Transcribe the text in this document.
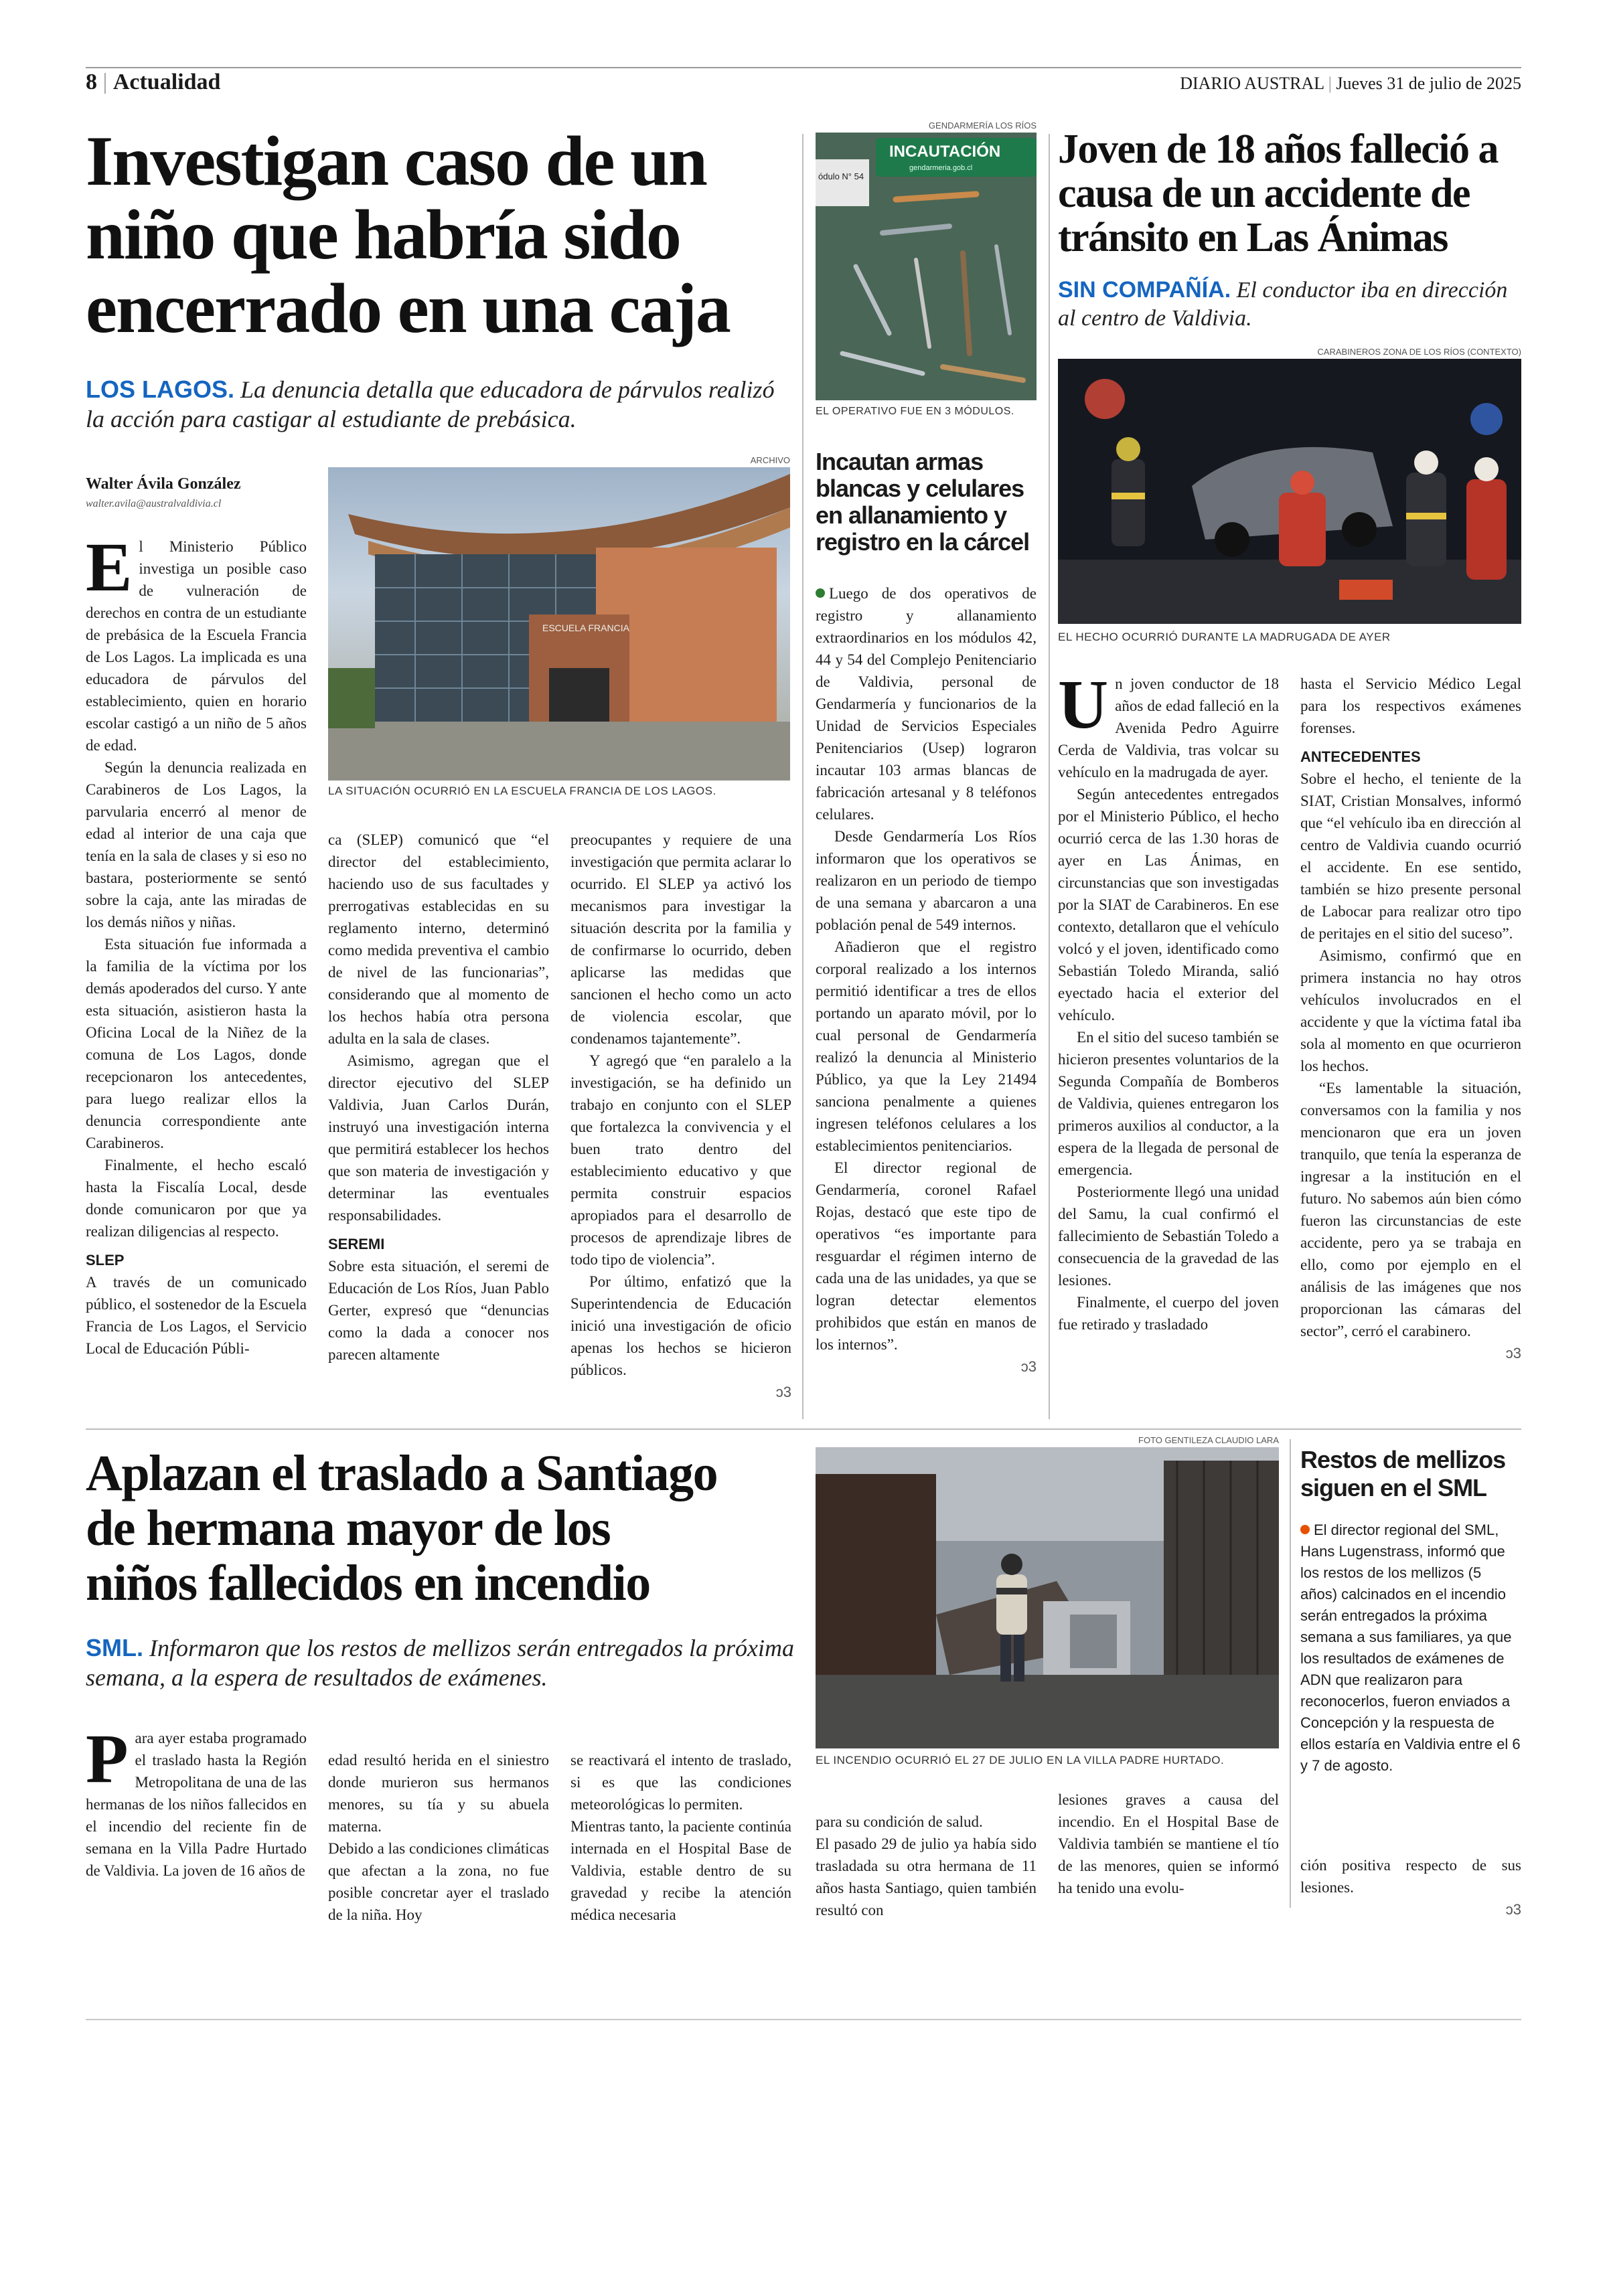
8 | Actualidad	DIARIO AUSTRAL | Jueves 31 de julio de 2025
Investigan caso de un
niño que habría sido
encerrado en una caja
LOS LAGOS. La denuncia detalla que educadora de párvulos realizó la acción para castigar al estudiante de prebásica.
Walter Ávila González
walter.avila@australvaldivia.cl
ARCHIVO
ESCUELA FRANCIA
LA SITUACIÓN OCURRIÓ EN LA ESCUELA FRANCIA DE LOS LAGOS.

El Ministerio Público investiga un posible caso de vulneración de derechos en contra de un estudiante de prebásica de la Escuela Francia de Los Lagos. La implicada es una educadora de párvulos del establecimiento, quien en horario escolar castigó a un niño de 5 años de edad.

Según la denuncia realizada en Carabineros de Los Lagos, la parvularia encerró al menor de edad al interior de una caja que tenía en la sala de clases y si eso no bastara, posteriormente se sentó sobre la caja, ante las miradas de los demás niños y niñas.

Esta situación fue informada a la familia de la víctima por los demás apoderados del curso. Y ante esta situación, asistieron hasta la Oficina Local de la Niñez de la comuna de Los Lagos, donde recepcionaron los antecedentes, para luego realizar ellos la denuncia correspondiente ante Carabineros.

Finalmente, el hecho escaló hasta la Fiscalía Local, desde donde comunicaron por que ya realizan diligencias al respecto.

SLEP

A través de un comunicado público, el sostenedor de la Escuela Francia de Los Lagos, el Servicio Local de Educación Públi-

ca (SLEP) comunicó que “el director del establecimiento, haciendo uso de sus facultades y prerrogativas establecidas en su reglamento interno, determinó como medida preventiva el cambio de nivel de las funcionarias”, considerando que al momento de los hechos había otra persona adulta en la sala de clases.

Asimismo, agregan que el director ejecutivo del SLEP Valdivia, Juan Carlos Durán, instruyó una investigación interna que permitirá establecer los hechos que son materia de investigación y determinar las eventuales responsabilidades.

SEREMI

Sobre esta situación, el seremi de Educación de Los Ríos, Juan Pablo Gerter, expresó que “denuncias como la dada a conocer nos parecen altamente

preocupantes y requiere de una investigación que permita aclarar lo ocurrido. El SLEP ya activó los mecanismos para investigar la situación descrita por la familia y de confirmarse lo ocurrido, deben aplicarse las medidas que sancionen el hecho como un acto de violencia escolar, que condenamos tajantemente”.

Y agregó que “en paralelo a la investigación, se ha definido un trabajo en conjunto con el SLEP que fortalezca la convivencia y el buen trato dentro del establecimiento educativo y que permita construir espacios apropiados para el desarrollo de procesos de aprendizaje libres de todo tipo de violencia”.

Por último, enfatizó que la Superintendencia de Educación inició una investigación de oficio apenas los hechos se hicieron públicos.

ↄ3
GENDARMERÍA LOS RÍOS
INCAUTACIÓN
gendarmeria.gob.cl
ódulo N° 54
EL OPERATIVO FUE EN 3 MÓDULOS.
Incautan armas
blancas y celulares
en allanamiento y
registro en la cárcel

Luego de dos operativos de registro y allanamiento extraordinarios en los módulos 42, 44 y 54 del Complejo Penitenciario de Valdivia, personal de Gendarmería y funcionarios de la Unidad de Servicios Especiales Penitenciarios (Usep) lograron incautar 103 armas blancas de fabricación artesanal y 8 teléfonos celulares.

Desde Gendarmería Los Ríos informaron que los operativos se realizaron en un periodo de tiempo de una semana y abarcaron a una población penal de 549 internos.

Añadieron que el registro corporal realizado a los internos permitió identificar a tres de ellos portando un aparato móvil, por lo cual personal de Gendarmería realizó la denuncia al Ministerio Público, ya que la Ley 21494 sanciona penalmente a quienes ingresen teléfonos celulares a los establecimientos penitenciarios.

El director regional de Gendarmería, coronel Rafael Rojas, destacó que este tipo de operativos “es importante para resguardar el régimen interno de cada una de las unidades, ya que se logran detectar elementos prohibidos que están en manos de los internos”.

ↄ3
Joven de 18 años falleció a
causa de un accidente de
tránsito en Las Ánimas
SIN COMPAÑÍA. El conductor iba en dirección al centro de Valdivia.
CARABINEROS ZONA DE LOS RÍOS (CONTEXTO)
EL HECHO OCURRIÓ DURANTE LA MADRUGADA DE AYER

Un joven conductor de 18 años de edad falleció en la Avenida Pedro Aguirre Cerda de Valdivia, tras volcar su vehículo en la madrugada de ayer.

Según antecedentes entregados por el Ministerio Público, el hecho ocurrió cerca de las 1.30 horas de ayer en Las Ánimas, en circunstancias que son investigadas por la SIAT de Carabineros. En ese contexto, detallaron que el vehículo volcó y el joven, identificado como Sebastián Toledo Miranda, salió eyectado hacia el exterior del vehículo.

En el sitio del suceso también se hicieron presentes voluntarios de la Segunda Compañía de Bomberos de Valdivia, quienes entregaron los primeros auxilios al conductor, a la espera de la llegada de personal de emergencia.

Posteriormente llegó una unidad del Samu, la cual confirmó el fallecimiento de Sebastián Toledo a consecuencia de la gravedad de las lesiones.

Finalmente, el cuerpo del joven fue retirado y trasladado

hasta el Servicio Médico Legal para los respectivos exámenes forenses.

ANTECEDENTES

Sobre el hecho, el teniente de la SIAT, Cristian Monsalves, informó que “el vehículo iba en dirección al centro de Valdivia cuando ocurrió el accidente. En ese sentido, también se hizo presente personal de Labocar para realizar otro tipo de peritajes en el sitio del suceso”.

Asimismo, confirmó que en primera instancia no hay otros vehículos involucrados en el accidente y que la víctima fatal iba sola al momento en que ocurrieron los hechos.

“Es lamentable la situación, conversamos con la familia y nos mencionaron que era un joven tranquilo, que tenía la esperanza de ingresar a la institución en el futuro. No sabemos aún bien cómo fueron las circunstancias de este accidente, pero ya se trabaja en ello, como por ejemplo en el análisis de las imágenes que nos proporcionan las cámaras del sector”, cerró el carabinero.

ↄ3
Aplazan el traslado a Santiago
de hermana mayor de los
niños fallecidos en incendio
SML. Informaron que los restos de mellizos serán entregados la próxima semana, a la espera de resultados de exámenes.
FOTO GENTILEZA CLAUDIO LARA
EL INCENDIO OCURRIÓ EL 27 DE JULIO EN LA VILLA PADRE HURTADO.

Para ayer estaba programado el traslado hasta la Región Metropolitana de una de las hermanas de los niños fallecidos en el incendio del reciente fin de semana en la Villa Padre Hurtado de Valdivia. La joven de 16 años de

edad resultó herida en el siniestro donde murieron sus hermanos menores, su tía y su abuela materna.
Debido a las condiciones climáticas que afectan a la zona, no fue posible concretar ayer el traslado de la niña. Hoy

se reactivará el intento de traslado, si es que las condiciones meteorológicas lo permiten.
Mientras tanto, la paciente continúa internada en el Hospital Base de Valdivia, estable dentro de su gravedad y recibe la atención médica necesaria

para su condición de salud.
El pasado 29 de julio ya había sido trasladada su otra hermana de 11 años hasta Santiago, quien también resultó con

lesiones graves a causa del incendio. En el Hospital Base de Valdivia también se mantiene el tío de las menores, quien se informó ha tenido una evolu-

Restos de mellizos
siguen en el SML

El director regional del SML, Hans Lugenstrass, informó que los restos de los mellizos (5 años) calcinados en el incendio serán entregados la próxima semana a sus familiares, ya que los resultados de exámenes de ADN que realizaron para reconocerlos, fueron enviados a Concepción y la respuesta de ellos estaría en Valdivia entre el 6 y 7 de agosto.

ción positiva respecto de sus lesiones.

ↄ3
